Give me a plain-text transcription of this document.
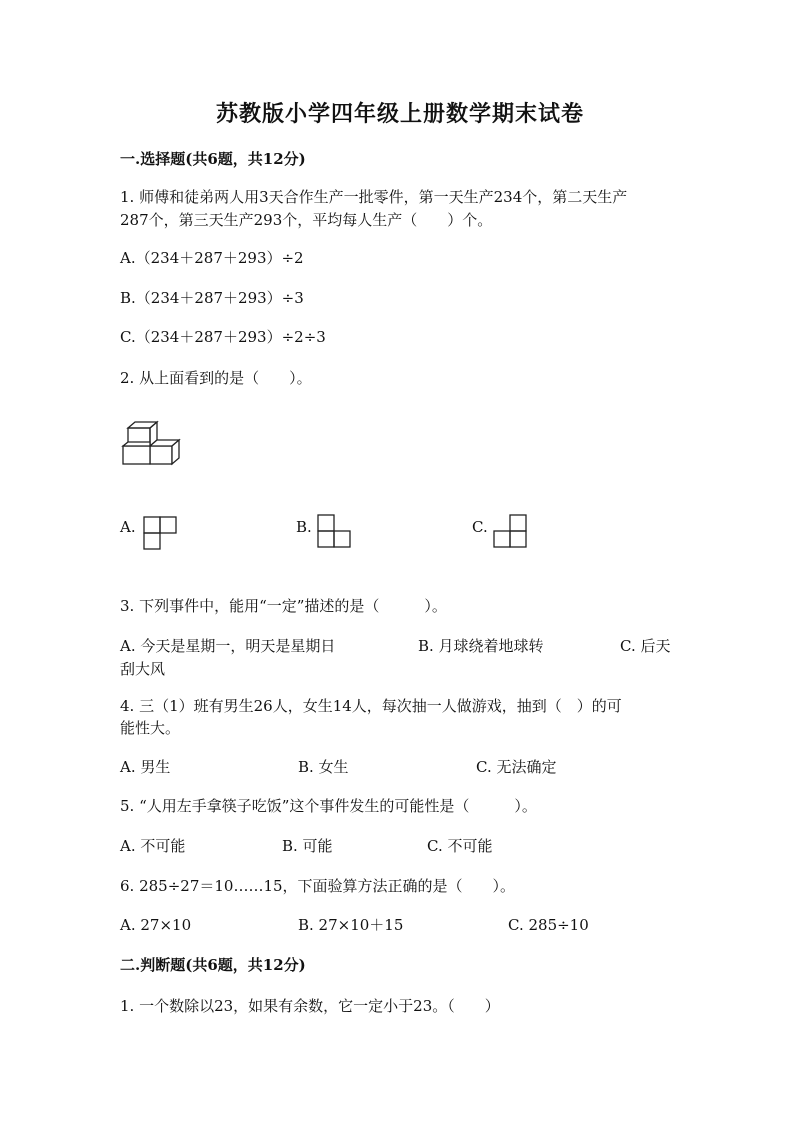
苏教版小学四年级上册数学期末试卷
一.选择题(共6题，共12分)
1. 师傅和徒弟两人用3天合作生产一批零件，第一天生产234个，第二天生产
287个，第三天生产293个，平均每人生产（　　）个。
A.（234＋287＋293）÷2
B.（234＋287＋293）÷3
C.（234＋287＋293）÷2÷3
2. 从上面看到的是（　　）。
A.	B.	C.
3. 下列事件中，能用“一定”描述的是（　　　）。
A. 今天是星期一，明天是星期日	B. 月球绕着地球转	C. 后天
刮大风
4. 三（1）班有男生26人，女生14人，每次抽一人做游戏，抽到（　）的可
能性大。
A. 男生	B. 女生	C. 无法确定
5. “人用左手拿筷子吃饭”这个事件发生的可能性是（　　　）。
A. 不可能	B. 可能	C. 不可能
6. 285÷27＝10……15，下面验算方法正确的是（　　）。
A. 27×10	B. 27×10＋15	C. 285÷10
二.判断题(共6题，共12分)
1. 一个数除以23，如果有余数，它一定小于23。（　　）
